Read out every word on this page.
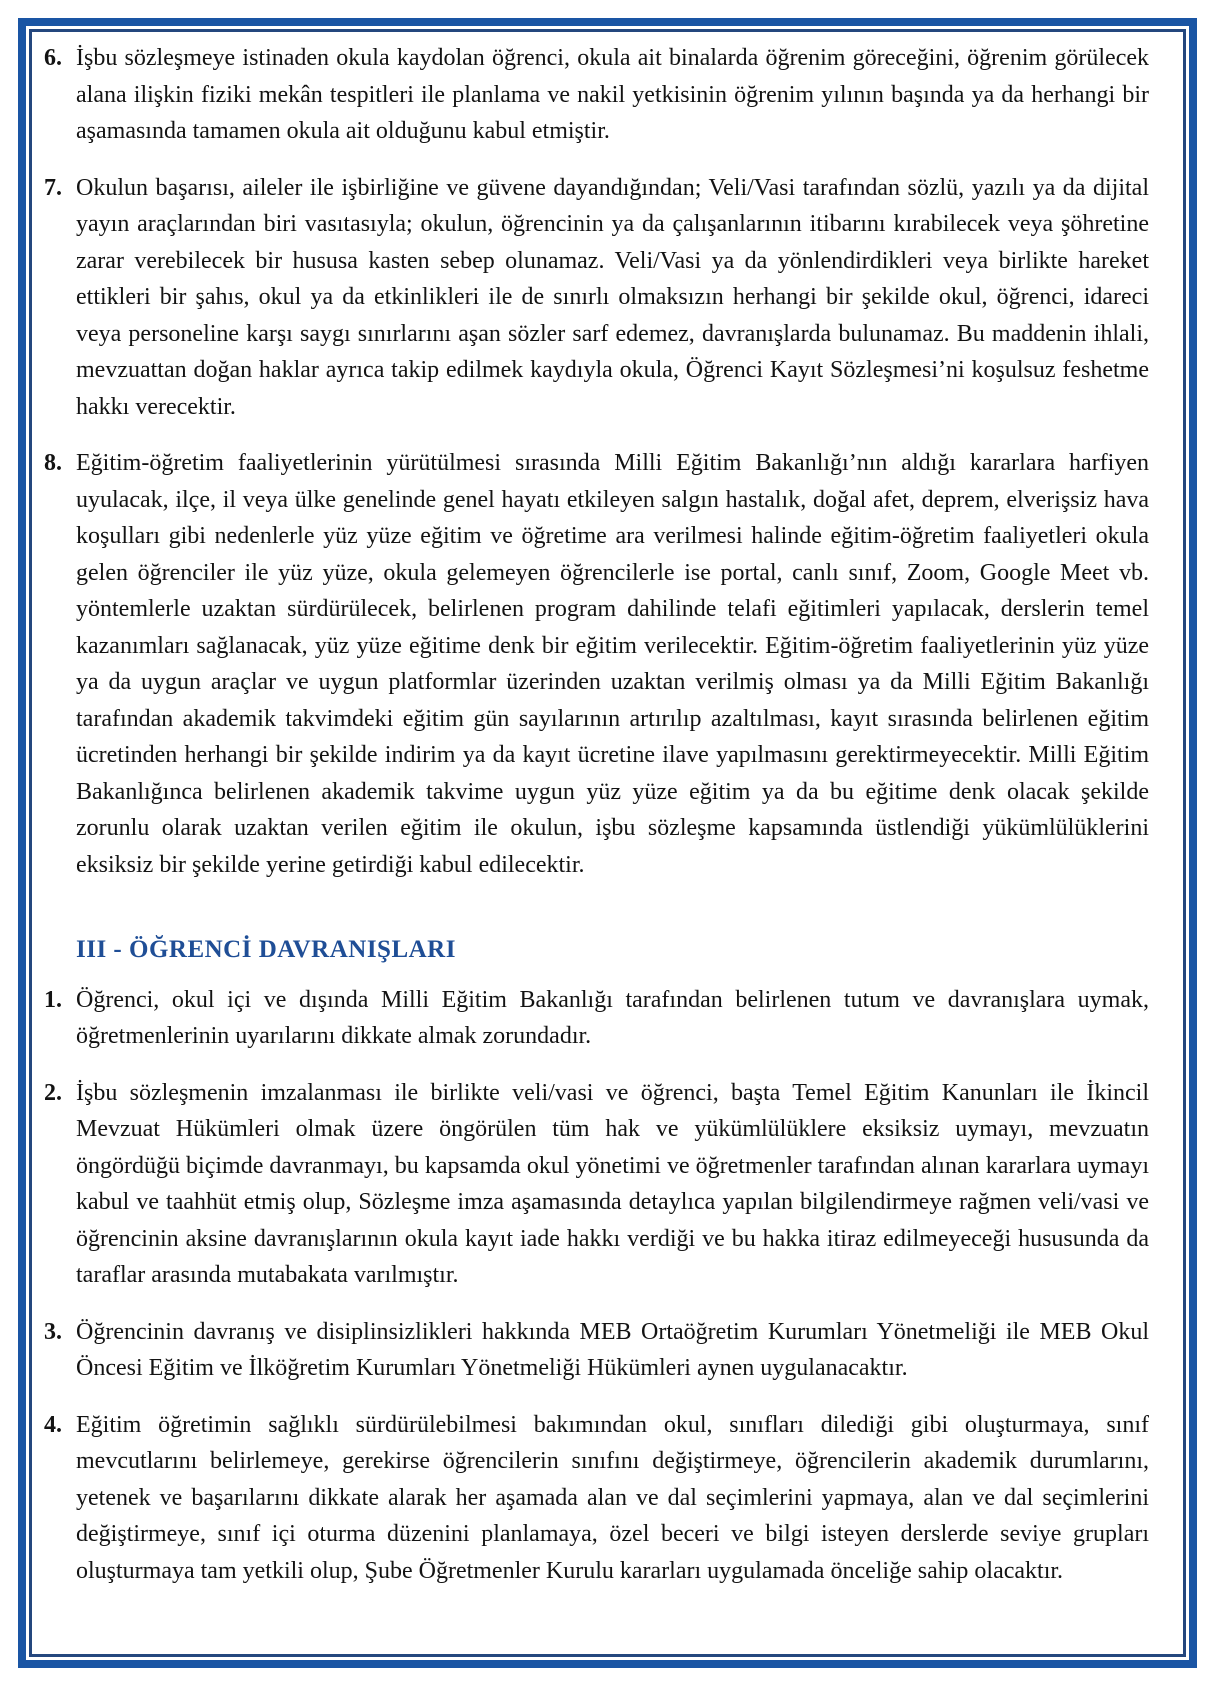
6. İşbu sözleşmeye istinaden okula kaydolan öğrenci, okula ait binalarda öğrenim göreceğini, öğrenim görülecek alana ilişkin fiziki mekân tespitleri ile planlama ve nakil yetkisinin öğrenim yılının başında ya da herhangi bir aşamasında tamamen okula ait olduğunu kabul etmiştir.

7. Okulun başarısı, aileler ile işbirliğine ve güvene dayandığından; Veli/Vasi tarafından sözlü, yazılı ya da dijital yayın araçlarından biri vasıtasıyla; okulun, öğrencinin ya da çalışanlarının itibarını kırabilecek veya şöhretine zarar verebilecek bir hususa kasten sebep olunamaz. Veli/Vasi ya da yönlendirdikleri veya birlikte hareket ettikleri bir şahıs, okul ya da etkinlikleri ile de sınırlı olmaksızın herhangi bir şekilde okul, öğrenci, idareci veya personeline karşı saygı sınırlarını aşan sözler sarf edemez, davranışlarda bulunamaz. Bu maddenin ihlali, mevzuattan doğan haklar ayrıca takip edilmek kaydıyla okula, Öğrenci Kayıt Sözleşmesi’ni koşulsuz feshetme hakkı verecektir.

8. Eğitim-öğretim faaliyetlerinin yürütülmesi sırasında Milli Eğitim Bakanlığı’nın aldığı kararlara harfiyen uyulacak, ilçe, il veya ülke genelinde genel hayatı etkileyen salgın hastalık, doğal afet, deprem, elverişsiz hava koşulları gibi nedenlerle yüz yüze eğitim ve öğretime ara verilmesi halinde eğitim-öğretim faaliyetleri okula gelen öğrenciler ile yüz yüze, okula gelemeyen öğrencilerle ise portal, canlı sınıf, Zoom, Google Meet vb. yöntemlerle uzaktan sürdürülecek, belirlenen program dahilinde telafi eğitimleri yapılacak, derslerin temel kazanımları sağlanacak, yüz yüze eğitime denk bir eğitim verilecektir. Eğitim-öğretim faaliyetlerinin yüz yüze ya da uygun araçlar ve uygun platformlar üzerinden uzaktan verilmiş olması ya da Milli Eğitim Bakanlığı tarafından akademik takvimdeki eğitim gün sayılarının artırılıp azaltılması, kayıt sırasında belirlenen eğitim ücretinden herhangi bir şekilde indirim ya da kayıt ücretine ilave yapılmasını gerektirmeyecektir. Milli Eğitim Bakanlığınca belirlenen akademik takvime uygun yüz yüze eğitim ya da bu eğitime denk olacak şekilde zorunlu olarak uzaktan verilen eğitim ile okulun, işbu sözleşme kapsamında üstlendiği yükümlülüklerini eksiksiz bir şekilde yerine getirdiği kabul edilecektir.

III - ÖĞRENCİ DAVRANIŞLARI
1. Öğrenci, okul içi ve dışında Milli Eğitim Bakanlığı tarafından belirlenen tutum ve davranışlara uymak, öğretmenlerinin uyarılarını dikkate almak zorundadır.

2. İşbu sözleşmenin imzalanması ile birlikte veli/vasi ve öğrenci, başta Temel Eğitim Kanunları ile İkincil Mevzuat Hükümleri olmak üzere öngörülen tüm hak ve yükümlülüklere eksiksiz uymayı, mevzuatın öngördüğü biçimde davranmayı, bu kapsamda okul yönetimi ve öğretmenler tarafından alınan kararlara uymayı kabul ve taahhüt etmiş olup, Sözleşme imza aşamasında detaylıca yapılan bilgilendirmeye rağmen veli/vasi ve öğrencinin aksine davranışlarının okula kayıt iade hakkı verdiği ve bu hakka itiraz edilmeyeceği hususunda da taraflar arasında mutabakata varılmıştır.

3. Öğrencinin davranış ve disiplinsizlikleri hakkında MEB Ortaöğretim Kurumları Yönetmeliği ile MEB Okul Öncesi Eğitim ve İlköğretim Kurumları Yönetmeliği Hükümleri aynen uygulanacaktır.

4. Eğitim öğretimin sağlıklı sürdürülebilmesi bakımından okul, sınıfları dilediği gibi oluşturmaya, sınıf mevcutlarını belirlemeye, gerekirse öğrencilerin sınıfını değiştirmeye, öğrencilerin akademik durumlarını, yetenek ve başarılarını dikkate alarak her aşamada alan ve dal seçimlerini yapmaya, alan ve dal seçimlerini değiştirmeye, sınıf içi oturma düzenini planlamaya, özel beceri ve bilgi isteyen derslerde seviye grupları oluşturmaya tam yetkili olup, Şube Öğretmenler Kurulu kararları uygulamada önceliğe sahip olacaktır.
